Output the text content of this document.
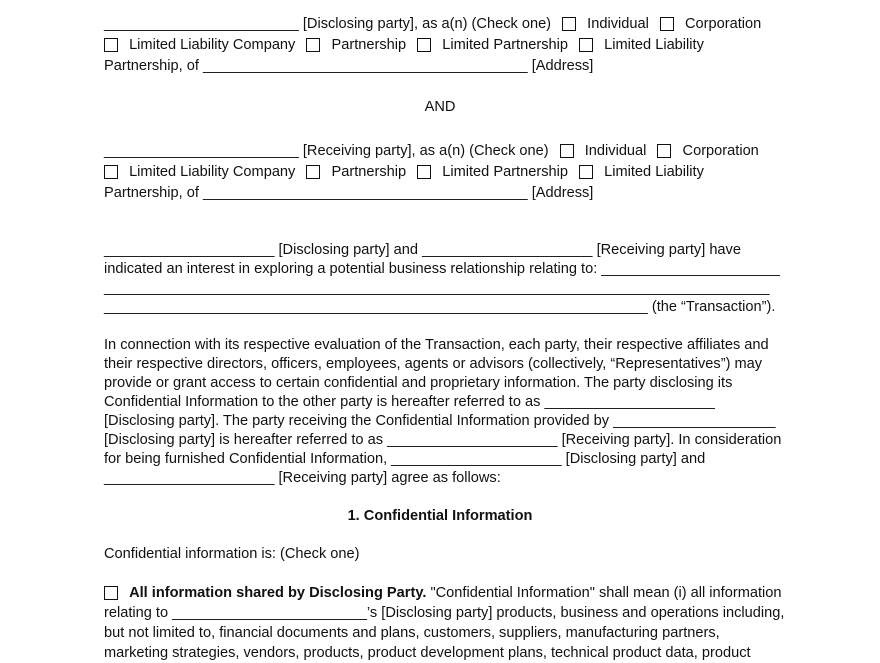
________________________ [Disclosing party], as a(n) (Check one) Individual Corporation
Limited Liability Company Partnership Limited Partnership Limited Liability
Partnership, of ________________________________________ [Address]
AND
________________________ [Receiving party], as a(n) (Check one) Individual Corporation
Limited Liability Company Partnership Limited Partnership Limited Liability
Partnership, of ________________________________________ [Address]
_____________________ [Disclosing party] and _____________________ [Receiving party] have
indicated an interest in exploring a potential business relationship relating to: ______________________
__________________________________________________________________________________
___________________________________________________________________ (the “Transaction”).
In connection with its respective evaluation of the Transaction, each party, their respective affiliates and
their respective directors, officers, employees, agents or advisors (collectively, “Representatives”) may
provide or grant access to certain confidential and proprietary information. The party disclosing its
Confidential Information to the other party is hereafter referred to as _____________________
[Disclosing party]. The party receiving the Confidential Information provided by ____________________
[Disclosing party] is hereafter referred to as _____________________ [Receiving party]. In consideration
for being furnished Confidential Information, _____________________ [Disclosing party] and
_____________________ [Receiving party] agree as follows:
1. Confidential Information
Confidential information is: (Check one)
All information shared by Disclosing Party. "Confidential Information" shall mean (i) all information
relating to ________________________’s [Disclosing party] products, business and operations including,
but not limited to, financial documents and plans, customers, suppliers, manufacturing partners,
marketing strategies, vendors, products, product development plans, technical product data, product
